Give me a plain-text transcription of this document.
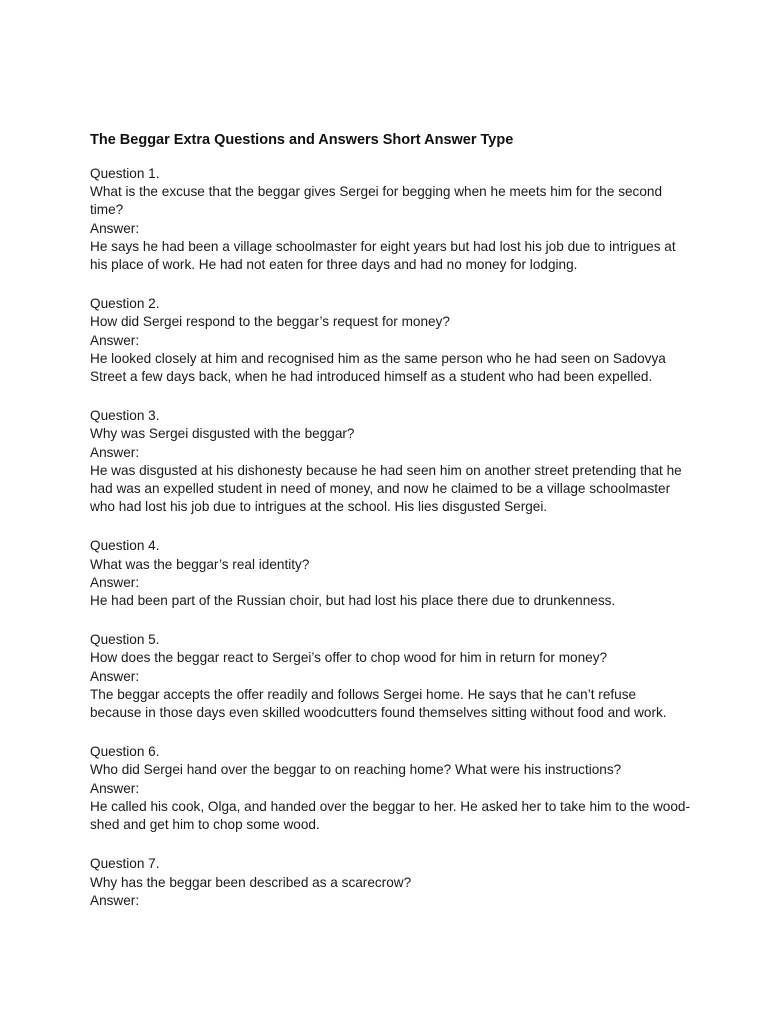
The Beggar Extra Questions and Answers Short Answer Type
Question 1.
What is the excuse that the beggar gives Sergei for begging when he meets him for the second time?
Answer:
He says he had been a village schoolmaster for eight years but had lost his job due to intrigues at his place of work. He had not eaten for three days and had no money for lodging.
Question 2.
How did Sergei respond to the beggar’s request for money?
Answer:
He looked closely at him and recognised him as the same person who he had seen on Sadovya Street a few days back, when he had introduced himself as a student who had been expelled.
Question 3.
Why was Sergei disgusted with the beggar?
Answer:
He was disgusted at his dishonesty because he had seen him on another street pretending that he had was an expelled student in need of money, and now he claimed to be a village schoolmaster who had lost his job due to intrigues at the school. His lies disgusted Sergei.
Question 4.
What was the beggar’s real identity?
Answer:
He had been part of the Russian choir, but had lost his place there due to drunkenness.
Question 5.
How does the beggar react to Sergei’s offer to chop wood for him in return for money?
Answer:
The beggar accepts the offer readily and follows Sergei home. He says that he can’t refuse because in those days even skilled woodcutters found themselves sitting without food and work.
Question 6.
Who did Sergei hand over the beggar to on reaching home? What were his instructions?
Answer:
He called his cook, Olga, and handed over the beggar to her. He asked her to take him to the wood-shed and get him to chop some wood.
Question 7.
Why has the beggar been described as a scarecrow?
Answer:
